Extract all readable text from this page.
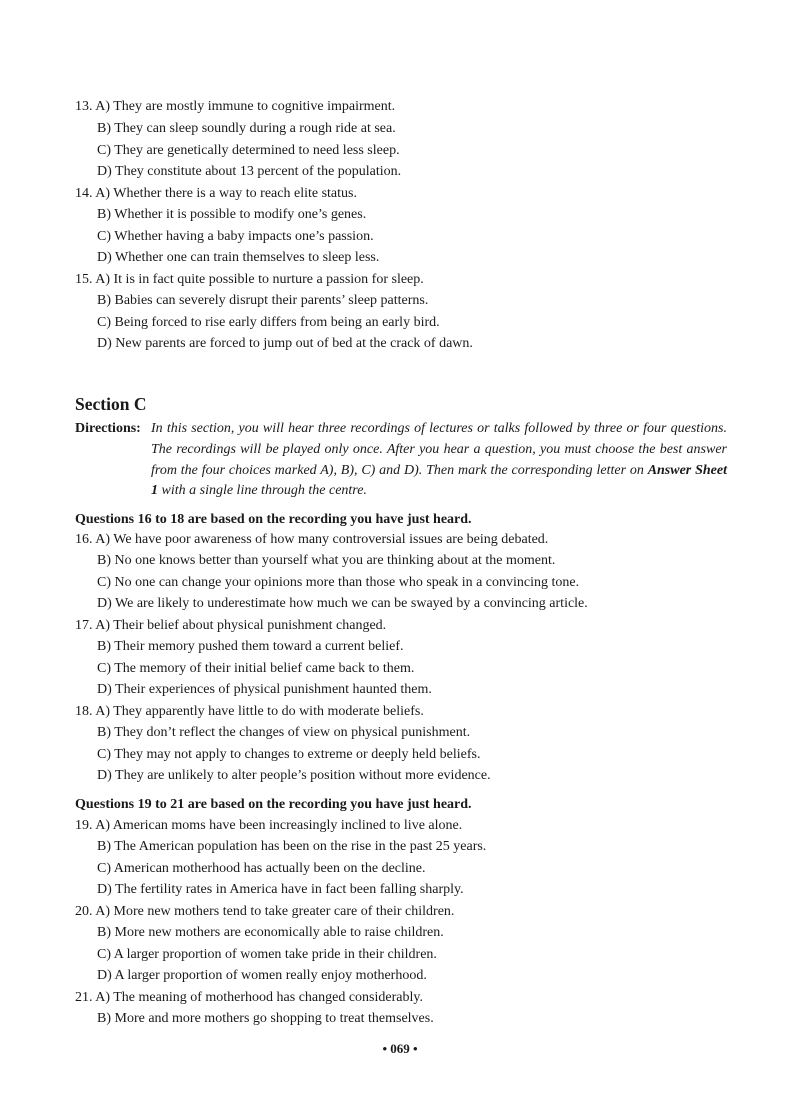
13. A) They are mostly immune to cognitive impairment.
B) They can sleep soundly during a rough ride at sea.
C) They are genetically determined to need less sleep.
D) They constitute about 13 percent of the population.
14. A) Whether there is a way to reach elite status.
B) Whether it is possible to modify one’s genes.
C) Whether having a baby impacts one’s passion.
D) Whether one can train themselves to sleep less.
15. A) It is in fact quite possible to nurture a passion for sleep.
B) Babies can severely disrupt their parents’ sleep patterns.
C) Being forced to rise early differs from being an early bird.
D) New parents are forced to jump out of bed at the crack of dawn.
Section C
Directions: In this section, you will hear three recordings of lectures or talks followed by three or four questions. The recordings will be played only once. After you hear a question, you must choose the best answer from the four choices marked A), B), C) and D). Then mark the corresponding letter on Answer Sheet 1 with a single line through the centre.
Questions 16 to 18 are based on the recording you have just heard.
16. A) We have poor awareness of how many controversial issues are being debated.
B) No one knows better than yourself what you are thinking about at the moment.
C) No one can change your opinions more than those who speak in a convincing tone.
D) We are likely to underestimate how much we can be swayed by a convincing article.
17. A) Their belief about physical punishment changed.
B) Their memory pushed them toward a current belief.
C) The memory of their initial belief came back to them.
D) Their experiences of physical punishment haunted them.
18. A) They apparently have little to do with moderate beliefs.
B) They don’t reflect the changes of view on physical punishment.
C) They may not apply to changes to extreme or deeply held beliefs.
D) They are unlikely to alter people’s position without more evidence.
Questions 19 to 21 are based on the recording you have just heard.
19. A) American moms have been increasingly inclined to live alone.
B) The American population has been on the rise in the past 25 years.
C) American motherhood has actually been on the decline.
D) The fertility rates in America have in fact been falling sharply.
20. A) More new mothers tend to take greater care of their children.
B) More new mothers are economically able to raise children.
C) A larger proportion of women take pride in their children.
D) A larger proportion of women really enjoy motherhood.
21. A) The meaning of motherhood has changed considerably.
B) More and more mothers go shopping to treat themselves.
• 069 •
